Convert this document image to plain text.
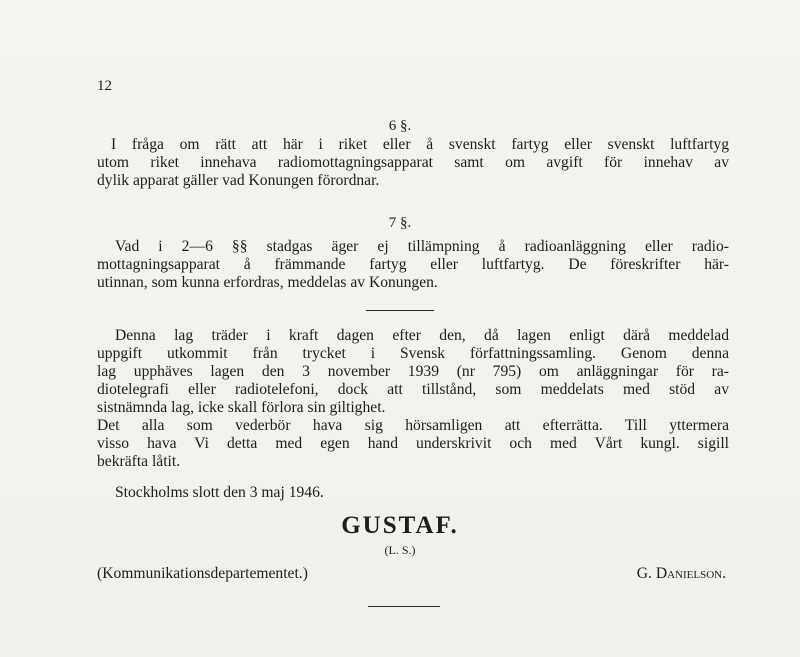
12
6 §.
I fråga om rätt att här i riket eller å svenskt fartyg eller svenskt luftfartyg
utom riket innehava radiomottagningsapparat samt om avgift för innehav av
dylik apparat gäller vad Konungen förordnar.
7 §.
Vad i 2—6 §§ stadgas äger ej tillämpning å radioanläggning eller radio-
mottagningsapparat å främmande fartyg eller luftfartyg. De föreskrifter här-
utinnan, som kunna erfordras, meddelas av Konungen.
Denna lag träder i kraft dagen efter den, då lagen enligt därå meddelad
uppgift utkommit från trycket i Svensk författningssamling. Genom denna
lag upphäves lagen den 3 november 1939 (nr 795) om anläggningar för ra-
diotelegrafi eller radiotelefoni, dock att tillstånd, som meddelats med stöd av
sistnämnda lag, icke skall förlora sin giltighet.
Det alla som vederbör hava sig hörsamligen att efterrätta. Till yttermera
visso hava Vi detta med egen hand underskrivit och med Vårt kungl. sigill
bekräfta låtit.
Stockholms slott den 3 maj 1946.
GUSTAF.
(L. S.)
(Kommunikationsdepartementet.)	G. Danielson.
